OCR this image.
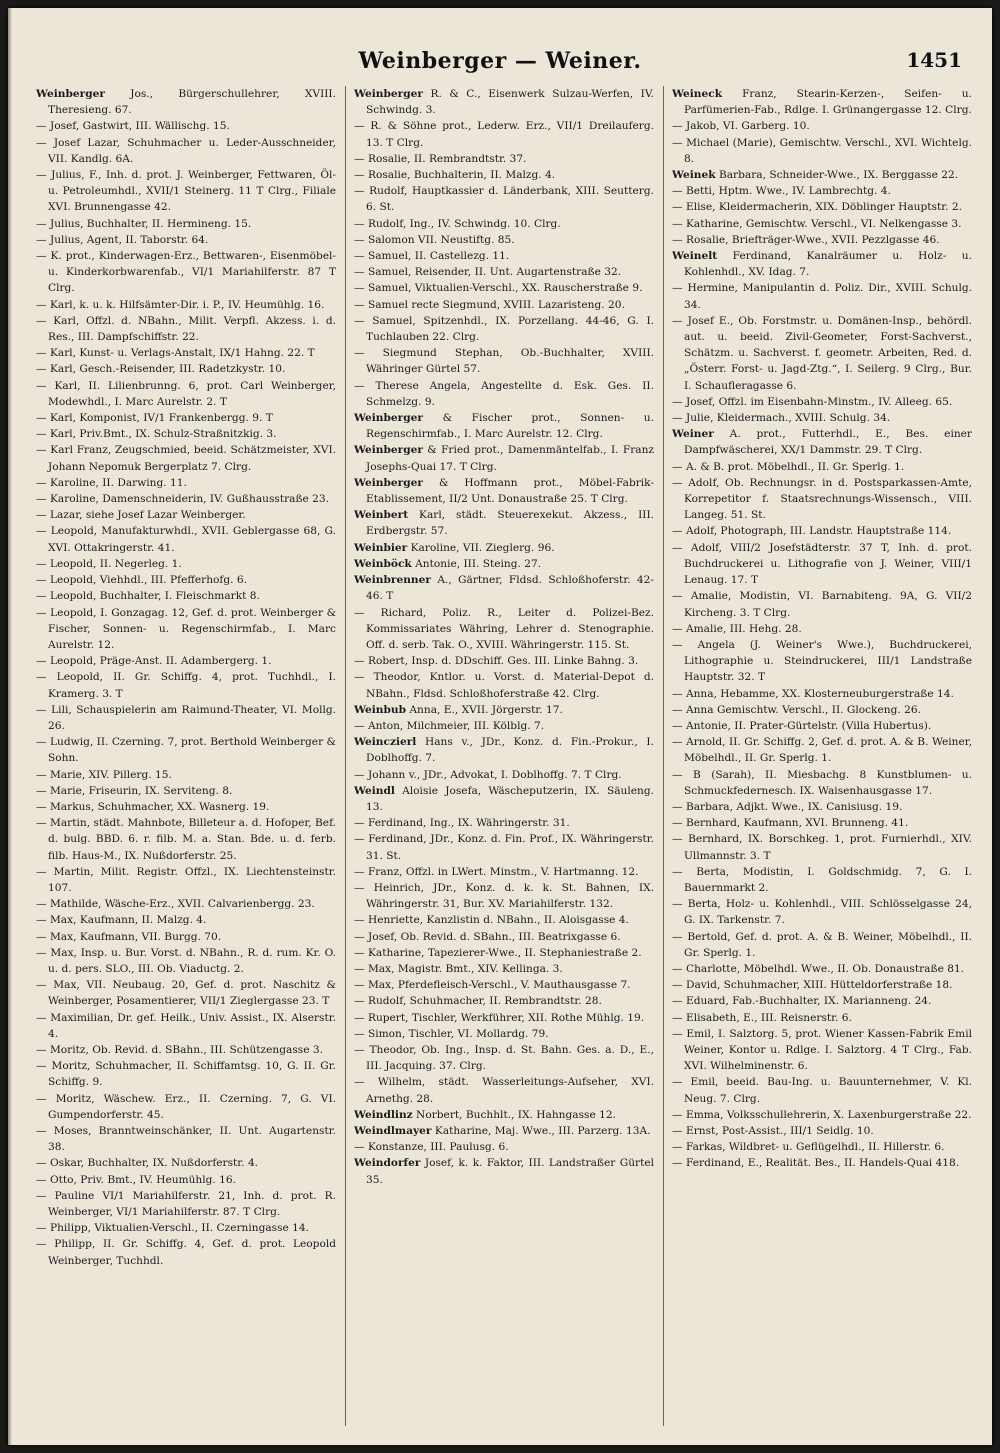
Weinberger — Weiner.	1451

Weinberger Jos., Bürgerschullehrer, XVIII. Theresieng. 67.

— Josef, Gastwirt, III. Wällischg. 15.

— Josef Lazar, Schuhmacher u. Leder-Ausschneider, VII. Kandlg. 6A.

— Julius, F., Inh. d. prot. J. Weinberger, Fettwaren, Öl- u. Petroleumhdl., XVII/1 Steinerg. 11 T Clrg., Filiale XVI. Brunnengasse 42.

— Julius, Buchhalter, II. Hermineng. 15.

— Julius, Agent, II. Taborstr. 64.

— K. prot., Kinderwagen-Erz., Bettwaren-, Eisenmöbel- u. Kinderkorbwarenfab., VI/1 Mariahilferstr. 87 T Clrg.

— Karl, k. u. k. Hilfsämter-Dir. i. P., IV. Heumühlg. 16.

— Karl, Offzl. d. NBahn., Milit. Verpfl. Akzess. i. d. Res., III. Dampfschiffstr. 22.

— Karl, Kunst- u. Verlags-Anstalt, IX/1 Hahng. 22. T

— Karl, Gesch.-Reisender, III. Radetzkystr. 10.

— Karl, II. Lilienbrunng. 6, prot. Carl Weinberger, Modewhdl., I. Marc Aurelstr. 2. T

— Karl, Komponist, IV/1 Frankenbergg. 9. T

— Karl, Priv.Bmt., IX. Schulz-Straßnitzkig. 3.

— Karl Franz, Zeugschmied, beeid. Schätzmeister, XVI. Johann Nepomuk Bergerplatz 7. Clrg.

— Karoline, II. Darwing. 11.

— Karoline, Damenschneiderin, IV. Gußhausstraße 23.

— Lazar, siehe Josef Lazar Weinberger.

— Leopold, Manufakturwhdl., XVII. Geblergasse 68, G. XVI. Ottakringerstr. 41.

— Leopold, II. Negerleg. 1.

— Leopold, Viehhdl., III. Pfefferhofg. 6.

— Leopold, Buchhalter, I. Fleischmarkt 8.

— Leopold, I. Gonzagag. 12, Gef. d. prot. Weinberger & Fischer, Sonnen- u. Regenschirmfab., I. Marc Aurelstr. 12.

— Leopold, Präge-Anst. II. Adambergerg. 1.

— Leopold, II. Gr. Schiffg. 4, prot. Tuchhdl., I. Kramerg. 3. T

— Lili, Schauspielerin am Raimund-Theater, VI. Mollg. 26.

— Ludwig, II. Czerning. 7, prot. Berthold Weinberger & Sohn.

— Marie, XIV. Pillerg. 15.

— Marie, Friseurin, IX. Serviteng. 8.

— Markus, Schuhmacher, XX. Wasnerg. 19.

— Martin, städt. Mahnbote, Billeteur a. d. Hofoper, Bef. d. bulg. BBD. 6. r. filb. M. a. Stan. Bde. u. d. ferb. filb. Haus-M., IX. Nußdorferstr. 25.

— Martin, Milit. Registr. Offzl., IX. Liechtensteinstr. 107.

— Mathilde, Wäsche-Erz., XVII. Calvarienbergg. 23.

— Max, Kaufmann, II. Malzg. 4.

— Max, Kaufmann, VII. Burgg. 70.

— Max, Insp. u. Bur. Vorst. d. NBahn., R. d. rum. Kr. O. u. d. pers. SLO., III. Ob. Viaductg. 2.

— Max, VII. Neubaug. 20, Gef. d. prot. Naschitz & Weinberger, Posamentierer, VII/1 Zieglergasse 23. T

— Maximilian, Dr. gef. Heilk., Univ. Assist., IX. Alserstr. 4.

— Moritz, Ob. Revid. d. SBahn., III. Schützengasse 3.

— Moritz, Schuhmacher, II. Schiffamtsg. 10, G. II. Gr. Schiffg. 9.

— Moritz, Wäschew. Erz., II. Czerning. 7, G. VI. Gumpendorferstr. 45.

— Moses, Branntweinschänker, II. Unt. Augartenstr. 38.

— Oskar, Buchhalter, IX. Nußdorferstr. 4.

— Otto, Priv. Bmt., IV. Heumühlg. 16.

— Pauline VI/1 Mariahilferstr. 21, Inh. d. prot. R. Weinberger, VI/1 Mariahilferstr. 87. T Clrg.

— Philipp, Viktualien-Verschl., II. Czerningasse 14.

— Philipp, II. Gr. Schiffg. 4, Gef. d. prot. Leopold Weinberger, Tuchhdl.

Weinberger R. & C., Eisenwerk Sulzau-Werfen, IV. Schwindg. 3.

— R. & Söhne prot., Lederw. Erz., VII/1 Dreilauferg. 13. T Clrg.

— Rosalie, II. Rembrandtstr. 37.

— Rosalie, Buchhalterin, II. Malzg. 4.

— Rudolf, Hauptkassier d. Länderbank, XIII. Seutterg. 6. St.

— Rudolf, Ing., IV. Schwindg. 10. Clrg.

— Salomon VII. Neustiftg. 85.

— Samuel, II. Castellezg. 11.

— Samuel, Reisender, II. Unt. Augartenstraße 32.

— Samuel, Viktualien-Verschl., XX. Rauscherstraße 9.

— Samuel recte Siegmund, XVIII. Lazaristeng. 20.

— Samuel, Spitzenhdl., IX. Porzellang. 44-46, G. I. Tuchlauben 22. Clrg.

— Siegmund Stephan, Ob.-Buchhalter, XVIII. Währinger Gürtel 57.

— Therese Angela, Angestellte d. Esk. Ges. II. Schmelzg. 9.

Weinberger & Fischer prot., Sonnen- u. Regenschirmfab., I. Marc Aurelstr. 12. Clrg.

Weinberger & Fried prot., Damenmäntelfab., I. Franz Josephs-Quai 17. T Clrg.

Weinberger & Hoffmann prot., Möbel-Fabrik-Etablissement, II/2 Unt. Donaustraße 25. T Clrg.

Weinbert Karl, städt. Steuerexekut. Akzess., III. Erdbergstr. 57.

Weinbier Karoline, VII. Zieglerg. 96.

Weinböck Antonie, III. Steing. 27.

Weinbrenner A., Gärtner, Fldsd. Schloßhoferstr. 42-46. T

— Richard, Poliz. R., Leiter d. Polizei-Bez. Kommissariates Währing, Lehrer d. Stenographie. Off. d. serb. Tak. O., XVIII. Währingerstr. 115. St.

— Robert, Insp. d. DDschiff. Ges. III. Linke Bahng. 3.

— Theodor, Kntlor. u. Vorst. d. Material-Depot d. NBahn., Fldsd. Schloßhoferstraße 42. Clrg.

Weinbub Anna, E., XVII. Jörgerstr. 17.

— Anton, Milchmeier, III. Kölblg. 7.

Weinczierl Hans v., JDr., Konz. d. Fin.-Prokur., I. Doblhoffg. 7.

— Johann v., JDr., Advokat, I. Doblhoffg. 7. T Clrg.

Weindl Aloisie Josefa, Wäscheputzerin, IX. Säuleng. 13.

— Ferdinand, Ing., IX. Währingerstr. 31.

— Ferdinand, JDr., Konz. d. Fin. Prof., IX. Währingerstr. 31. St.

— Franz, Offzl. in LWert. Minstm., V. Hartmanng. 12.

— Heinrich, JDr., Konz. d. k. k. St. Bahnen, IX. Währingerstr. 31, Bur. XV. Mariahilferstr. 132.

— Henriette, Kanzlistin d. NBahn., II. Aloisgasse 4.

— Josef, Ob. Revid. d. SBahn., III. Beatrixgasse 6.

— Katharine, Tapezierer-Wwe., II. Stephaniestraße 2.

— Max, Magistr. Bmt., XIV. Kellinga. 3.

— Max, Pferdefleisch-Verschl., V. Mauthausgasse 7.

— Rudolf, Schuhmacher, II. Rembrandtstr. 28.

— Rupert, Tischler, Werkführer, XII. Rothe Mühlg. 19.

— Simon, Tischler, VI. Mollardg. 79.

— Theodor, Ob. Ing., Insp. d. St. Bahn. Ges. a. D., E., III. Jacquing. 37. Clrg.

— Wilhelm, städt. Wasserleitungs-Aufseher, XVI. Arnethg. 28.

Weindlinz Norbert, Buchhlt., IX. Hahngasse 12.

Weindlmayer Katharine, Maj. Wwe., III. Parzerg. 13A.

— Konstanze, III. Paulusg. 6.

Weindorfer Josef, k. k. Faktor, III. Landstraßer Gürtel 35.

Weineck Franz, Stearin-Kerzen-, Seifen- u. Parfümerien-Fab., Rdlge. I. Grünangergasse 12. Clrg.

— Jakob, VI. Garberg. 10.

— Michael (Marie), Gemischtw. Verschl., XVI. Wichtelg. 8.

Weinek Barbara, Schneider-Wwe., IX. Berggasse 22.

— Betti, Hptm. Wwe., IV. Lambrechtg. 4.

— Elise, Kleidermacherin, XIX. Döblinger Hauptstr. 2.

— Katharine, Gemischtw. Verschl., VI. Nelkengasse 3.

— Rosalie, Briefträger-Wwe., XVII. Pezzlgasse 46.

Weinelt Ferdinand, Kanalräumer u. Holz- u. Kohlenhdl., XV. Idag. 7.

— Hermine, Manipulantin d. Poliz. Dir., XVIII. Schulg. 34.

— Josef E., Ob. Forstmstr. u. Domänen-Insp., behördl. aut. u. beeid. Zivil-Geometer, Forst-Sachverst., Schätzm. u. Sachverst. f. geometr. Arbeiten, Red. d. „Österr. Forst- u. Jagd-Ztg.“, I. Seilerg. 9 Clrg., Bur. I. Schaufleragasse 6.

— Josef, Offzl. im Eisenbahn-Minstm., IV. Alleeg. 65.

— Julie, Kleidermach., XVIII. Schulg. 34.

Weiner A. prot., Futterhdl., E., Bes. einer Dampfwäscherei, XX/1 Dammstr. 29. T Clrg.

— A. & B. prot. Möbelhdl., II. Gr. Sperlg. 1.

— Adolf, Ob. Rechnungsr. in d. Postsparkassen-Amte, Korrepetitor f. Staatsrechnungs-Wissensch., VIII. Langeg. 51. St.

— Adolf, Photograph, III. Landstr. Hauptstraße 114.

— Adolf, VIII/2 Josefstädterstr. 37 T, Inh. d. prot. Buchdruckerei u. Lithografie von J. Weiner, VIII/1 Lenaug. 17. T

— Amalie, Modistin, VI. Barnabiteng. 9A, G. VII/2 Kircheng. 3. T Clrg.

— Amalie, III. Hehg. 28.

— Angela (J. Weiner's Wwe.), Buchdruckerei, Lithographie u. Steindruckerei, III/1 Landstraße Hauptstr. 32. T

— Anna, Hebamme, XX. Klosterneuburgerstraße 14.

— Anna Gemischtw. Verschl., II. Glockeng. 26.

— Antonie, II. Prater-Gürtelstr. (Villa Hubertus).

— Arnold, II. Gr. Schiffg. 2, Gef. d. prot. A. & B. Weiner, Möbelhdl., II. Gr. Sperlg. 1.

— B (Sarah), II. Miesbachg. 8 Kunstblumen- u. Schmuckfedernesch. IX. Waisenhausgasse 17.

— Barbara, Adjkt. Wwe., IX. Canisiusg. 19.

— Bernhard, Kaufmann, XVI. Brunneng. 41.

— Bernhard, IX. Borschkeg. 1, prot. Furnierhdl., XIV. Ullmannstr. 3. T

— Berta, Modistin, I. Goldschmidg. 7, G. I. Bauernmarkt 2.

— Berta, Holz- u. Kohlenhdl., VIII. Schlösselgasse 24, G. IX. Tarkenstr. 7.

— Bertold, Gef. d. prot. A. & B. Weiner, Möbelhdl., II. Gr. Sperlg. 1.

— Charlotte, Möbelhdl. Wwe., II. Ob. Donaustraße 81.

— David, Schuhmacher, XIII. Hütteldorferstraße 18.

— Eduard, Fab.-Buchhalter, IX. Marianneng. 24.

— Elisabeth, E., III. Reisnerstr. 6.

— Emil, I. Salztorg. 5, prot. Wiener Kassen-Fabrik Emil Weiner, Kontor u. Rdlge. I. Salztorg. 4 T Clrg., Fab. XVI. Wilhelminenstr. 6.

— Emil, beeid. Bau-Ing. u. Bauunternehmer, V. Kl. Neug. 7. Clrg.

— Emma, Volksschullehrerin, X. Laxenburgerstraße 22.

— Ernst, Post-Assist., III/1 Seidlg. 10.

— Farkas, Wildbret- u. Geflügelhdl., II. Hillerstr. 6.

— Ferdinand, E., Realität. Bes., II. Handels-Quai 418.
